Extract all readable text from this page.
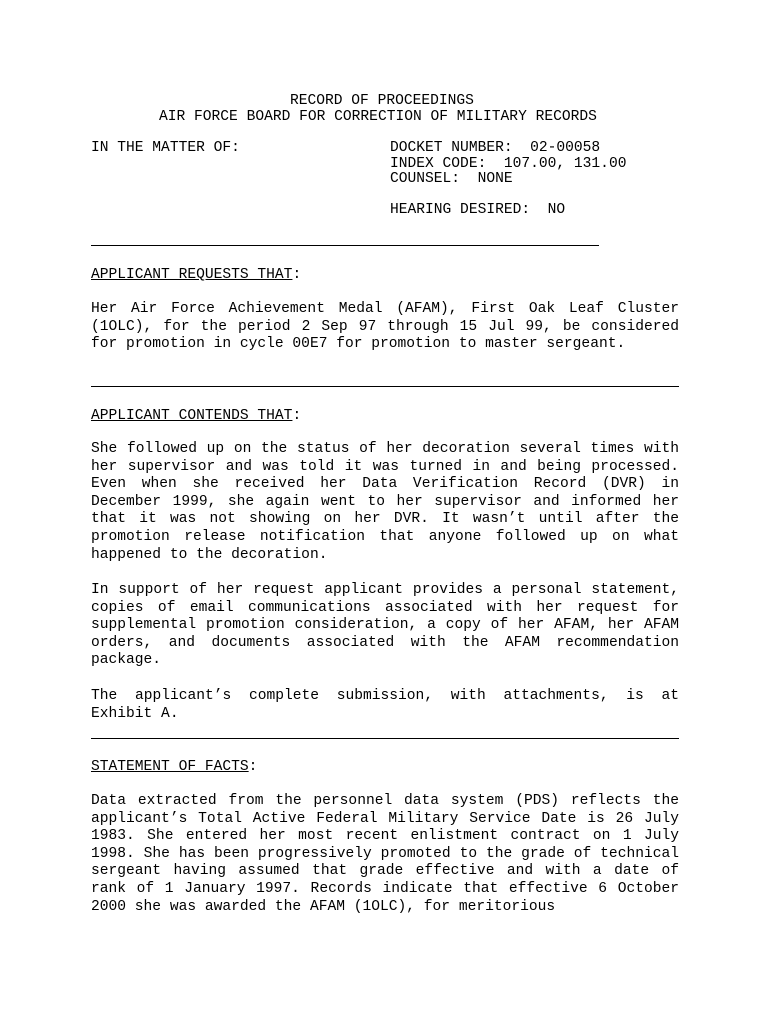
RECORD OF PROCEEDINGS
AIR FORCE BOARD FOR CORRECTION OF MILITARY RECORDS
IN THE MATTER OF:	DOCKET NUMBER:  02-00058
INDEX CODE:  107.00, 131.00
COUNSEL:  NONE
HEARING DESIRED:  NO
APPLICANT REQUESTS THAT:

Her Air Force Achievement Medal (AFAM), First Oak Leaf Cluster (1OLC), for the period 2 Sep 97 through 15 Jul 99, be considered for promotion in cycle 00E7 for promotion to master sergeant.

APPLICANT CONTENDS THAT:

She followed up on the status of her decoration several times with her supervisor and was told it was turned in and being processed. Even when she received her Data Verification Record (DVR) in December 1999, she again went to her supervisor and informed her that it was not showing on her DVR. It wasn’t until after the promotion release notification that anyone followed up on what happened to the decoration.

In support of her request applicant provides a personal statement, copies of email communications associated with her request for supplemental promotion consideration, a copy of her AFAM, her AFAM orders, and documents associated with the AFAM recommendation package.

The applicant’s complete submission, with attachments, is at Exhibit A.

STATEMENT OF FACTS:

Data extracted from the personnel data system (PDS) reflects the applicant’s Total Active Federal Military Service Date is 26 July 1983. She entered her most recent enlistment contract on 1 July 1998. She has been progressively promoted to the grade of technical sergeant having assumed that grade effective and with a date of rank of 1 January 1997. Records indicate that effective 6 October 2000 she was awarded the AFAM (1OLC), for meritorious
